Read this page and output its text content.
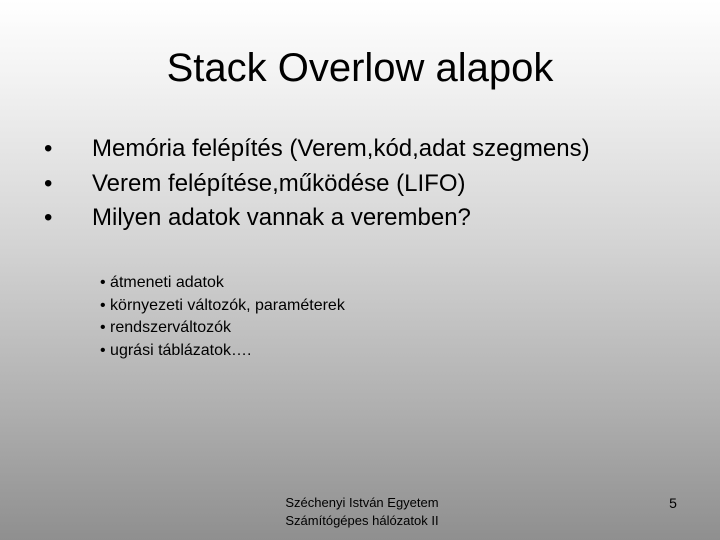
Stack Overlow alapok
• Memória felépítés (Verem,kód,adat szegmens)
• Verem felépítése,működése (LIFO)
• Milyen adatok vannak a veremben?
• átmeneti adatok
• környezeti változók, paraméterek
• rendszerváltozók
• ugrási táblázatok….
Széchenyi István Egyetem
Számítógépes hálózatok II
5
